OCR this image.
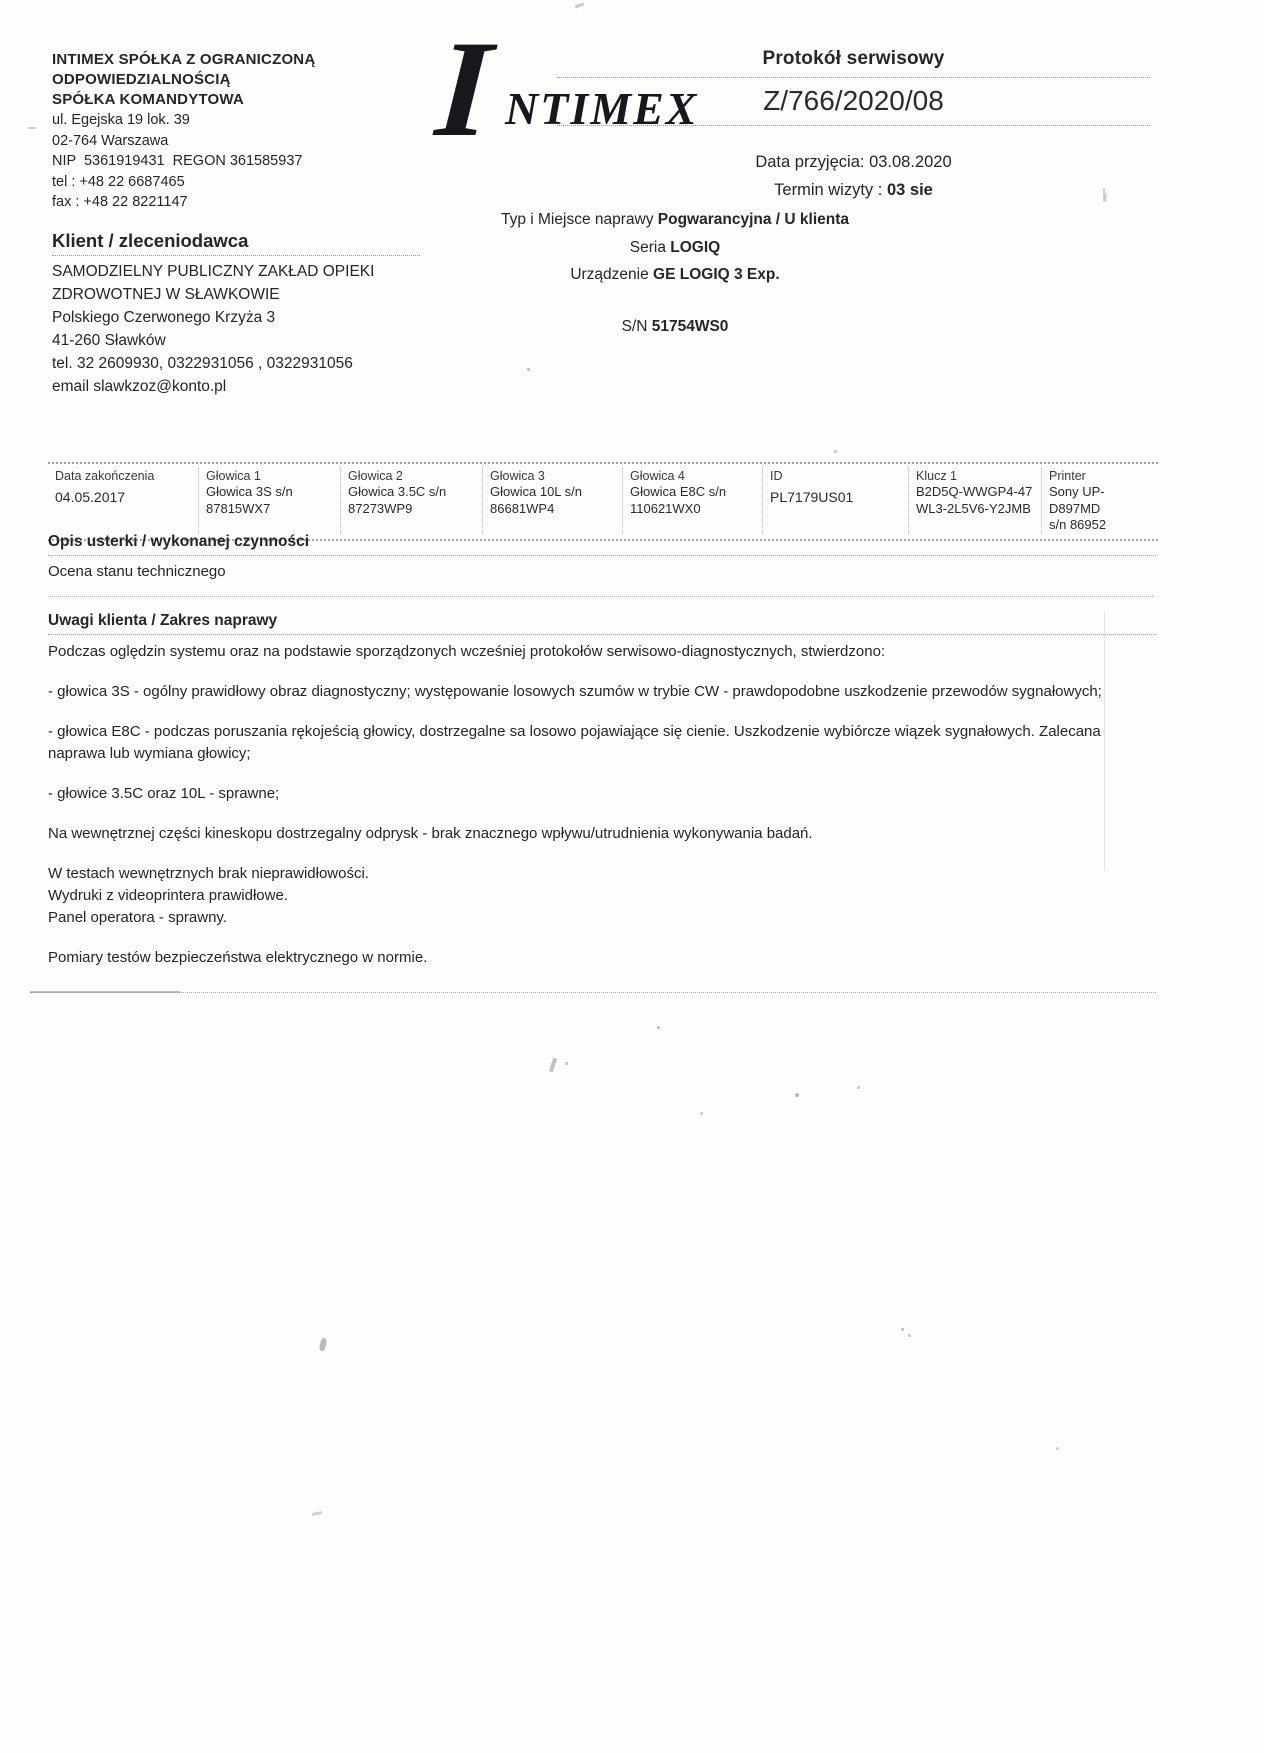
INTIMEX SPÓŁKA Z OGRANICZONĄ
ODPOWIEDZIALNOŚCIĄ
SPÓŁKA KOMANDYTOWA
ul. Egejska 19 lok. 39
02-764 Warszawa
NIP  5361919431  REGON 361585937
tel : +48 22 6687465
fax : +48 22 8221147
I NTIMEX
Protokół serwisowy
Z/766/2020/08
Data przyjęcia: 03.08.2020
Termin wizyty : 03 sie
Typ i Miejsce naprawy Pogwarancyjna / U klienta
Seria LOGIQ
Urządzenie GE LOGIQ 3 Exp.
S/N 51754WS0
Klient / zleceniodawca
SAMODZIELNY PUBLICZNY ZAKŁAD OPIEKI
ZDROWOTNEJ W SŁAWKOWIE
Polskiego Czerwonego Krzyża 3
41-260 Sławków
tel. 32 2609930, 0322931056 , 0322931056
email slawkzoz@konto.pl
Data zakończenia
04.05.2017
Głowica 1
Głowica 3S s/n
87815WX7
Głowica 2
Głowica 3.5C s/n
87273WP9
Głowica 3
Głowica 10L s/n
86681WP4
Głowica 4
Głowica E8C s/n
110621WX0
ID
PL7179US01
Klucz 1
B2D5Q-WWGP4-47
WL3-2L5V6-Y2JMB
Printer
Sony UP-D897MD
s/n 86952
Opis usterki / wykonanej czynności
Ocena stanu technicznego
Uwagi klienta / Zakres naprawy
Podczas oględzin systemu oraz na podstawie sporządzonych wcześniej protokołów serwisowo-diagnostycznych, stwierdzono:
- głowica 3S - ogólny prawidłowy obraz diagnostyczny; występowanie losowych szumów w trybie CW - prawdopodobne uszkodzenie przewodów sygnałowych;
- głowica E8C - podczas poruszania rękojeścią głowicy, dostrzegalne sa losowo pojawiające się cienie. Uszkodzenie wybiórcze wiązek sygnałowych. Zalecana naprawa lub wymiana głowicy;
- głowice 3.5C oraz 10L - sprawne;
Na wewnętrznej części kineskopu dostrzegalny odprysk - brak znacznego wpływu/utrudnienia wykonywania badań.
W testach wewnętrznych brak nieprawidłowości.
Wydruki z videoprintera prawidłowe.
Panel operatora - sprawny.
Pomiary testów bezpieczeństwa elektrycznego w normie.
